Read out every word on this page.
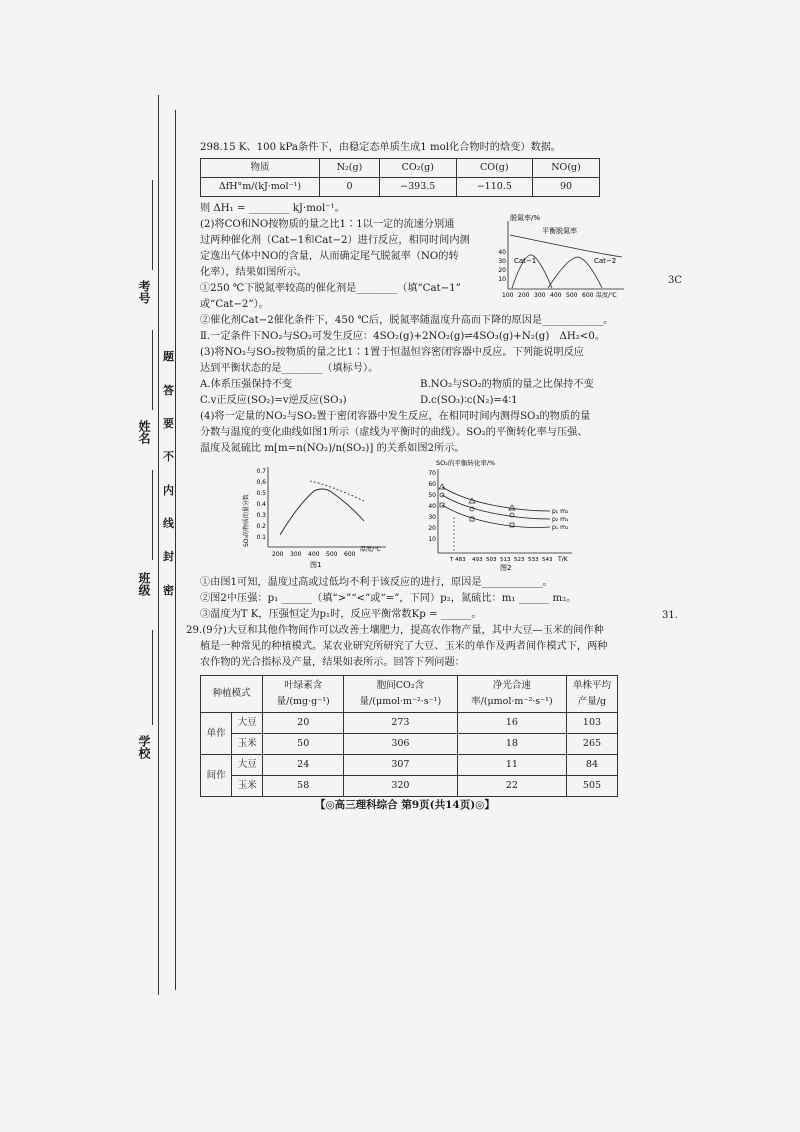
考号
姓名
班级
学校
题
答
要
不
内
线
封
密
3C
31.
298.15 K、100 kPa条件下，由稳定态单质生成1 mol化合物时的焓变）数据。
物质	N₂(g)	CO₂(g)	CO(g)	NO(g)
ΔfH°m/(kJ·mol⁻¹)	0	−393.5	−110.5	90
则 ΔH₁ = ________ kJ·mol⁻¹。
(2)将CO和NO按物质的量之比1∶1以一定的流速分别通
过两种催化剂（Cat−1和Cat−2）进行反应，相同时间内测
定逸出气体中NO的含量，从而确定尾气脱氮率（NO的转
化率），结果如图所示。
①250 ℃下脱氮率较高的催化剂是________（填“Cat−1”
脱氮率/%
40
30
20
10
100 200 300 400 500 600 温度/℃
平衡脱氮率
Cat−1	Cat−2
或“Cat−2”）。
②催化剂Cat−2催化条件下，450 ℃后，脱氮率随温度升高而下降的原因是____________。
Ⅱ.一定条件下NO₂与SO₂可发生反应：4SO₂(g)+2NO₂(g)⇌4SO₃(g)+N₂(g)　ΔH₂<0。
(3)将NO₂与SO₂按物质的量之比1∶1置于恒温恒容密闭容器中反应。下列能说明反应
达到平衡状态的是________（填标号）。
A.体系压强保持不变	B.NO₂与SO₂的物质的量之比保持不变
C.v正反应(SO₂)=v逆反应(SO₃)	D.c(SO₃)∶c(N₂)=4∶1
(4)将一定量的NO₂与SO₂置于密闭容器中发生反应，在相同时间内测得SO₃的物质的量
分数与温度的变化曲线如图1所示（虚线为平衡时的曲线）。SO₂的平衡转化率与压强、
温度及氮硫比 m[m=n(NO₂)/n(SO₂)] 的关系如图2所示。
SO₃的物质的量分数
0.7
0.6
0.5
0.4
0.3
0.2
0.1
200 300 400 500 600
温度/℃
图1
SO₂的平衡转化率/%
70
60
50
40
30
20
10
T 483 493 503 513 523 533 543 T/K
p₁ m₂
p₂ m₁
p₁ m₁
图2
①由图1可知，温度过高或过低均不利于该反应的进行，原因是____________。
②图2中压强：p₁ ______（填“>”“<”或“=”，下同）p₂，氮硫比：m₁ ______ m₂。
③温度为T K，压强恒定为p₁时，反应平衡常数Kp = ______。
29.(9分)大豆和其他作物间作可以改善土壤肥力，提高农作物产量，其中大豆—玉米的间作种
植是一种常见的种植模式。某农业研究所研究了大豆、玉米的单作及两者间作模式下，两种
农作物的光合指标及产量，结果如表所示。回答下列问题：
种植模式		叶绿素含量/(mg·g⁻¹)	胞间CO₂含量/(μmol·m⁻²·s⁻¹)	净光合速率/(μmol·m⁻²·s⁻¹)	单株平均产量/g
单作	大豆	20	273	16	103
	玉米	50	306	18	265
间作	大豆	24	307	11	84
	玉米	58	320	22	505
【◎高三理科综合 第9页(共14页)◎】
